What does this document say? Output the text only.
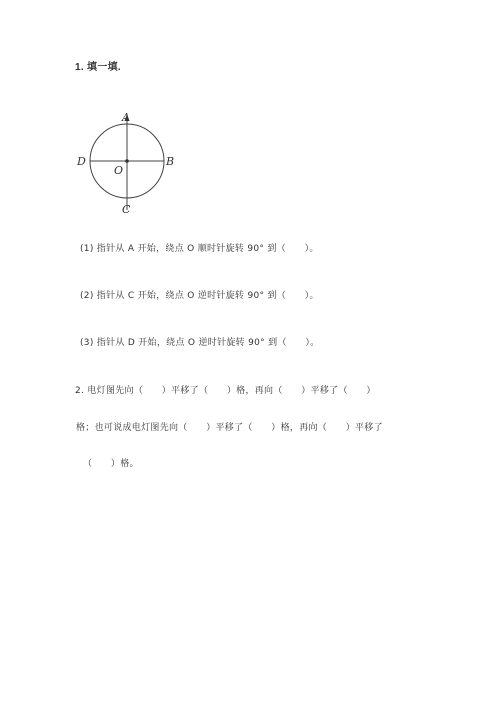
1. 填一填.
A
B
C
D
O
(1) 指针从 A 开始，绕点 O 顺时针旋转 90° 到（　　）。
(2) 指针从 C 开始，绕点 O 逆时针旋转 90° 到（　　）。
(3) 指针从 D 开始，绕点 O 逆时针旋转 90° 到（　　）。
2. 电灯图先向（　　）平移了（　　）格，再向（　　）平移了（　　）
格；也可说成电灯图先向（　　）平移了（　　）格，再向（　　）平移了
（　　）格。
